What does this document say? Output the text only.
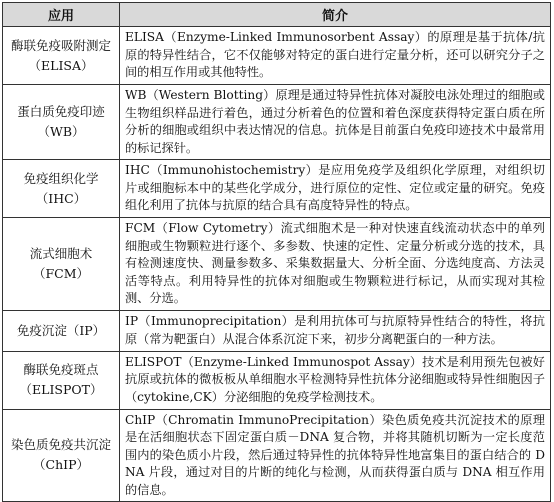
应用	简介
酶联免疫吸附测定（ELISA）	ELISA（Enzyme-Linked Immunosorbent Assay）的原理是基于抗体/抗原的特异性结合，它不仅能够对特定的蛋白进行定量分析，还可以研究分子之间的相互作用或其他特性。
蛋白质免疫印迹（WB）	WB（Western Blotting）原理是通过特异性抗体对凝胶电泳处理过的细胞或生物组织样品进行着色，通过分析着色的位置和着色深度获得特定蛋白质在所分析的细胞或组织中表达情况的信息。抗体是目前蛋白免疫印迹技术中最常用的标记探针。
免疫组织化学（IHC）	IHC（Immunohistochemistry）是应用免疫学及组织化学原理，对组织切片或细胞标本中的某些化学成分，进行原位的定性、定位或定量的研究。免疫组化利用了抗体与抗原的结合具有高度特异性的特点。
流式细胞术（FCM）	FCM（Flow Cytometry）流式细胞术是一种对快速直线流动状态中的单列细胞或生物颗粒进行逐个、多参数、快速的定性、定量分析或分选的技术，具有检测速度快、测量参数多、采集数据量大、分析全面、分选纯度高、方法灵活等特点。利用特异性的抗体对细胞或生物颗粒进行标记，从而实现对其检测、分选。
免疫沉淀（IP）	IP（Immunoprecipitation）是利用抗体可与抗原特异性结合的特性，将抗原（常为靶蛋白）从混合体系沉淀下来，初步分离靶蛋白的一种方法。
酶联免疫斑点（ELISPOT）	ELISPOT（Enzyme-Linked Immunospot Assay）技术是利用预先包被好抗原或抗体的微板板从单细胞水平检测特异性抗体分泌细胞或特异性细胞因子（cytokine,CK）分泌细胞的免疫学检测技术。
染色质免疫共沉淀（ChIP）	ChIP（Chromatin ImmunoPrecipitation）染色质免疫共沉淀技术的原理是在活细胞状态下固定蛋白质－DNA 复合物，并将其随机切断为一定长度范围内的染色质小片段，然后通过特异性的抗体特异性地富集目的蛋白结合的 DNA 片段，通过对目的片断的纯化与检测，从而获得蛋白质与 DNA 相互作用的信息。
